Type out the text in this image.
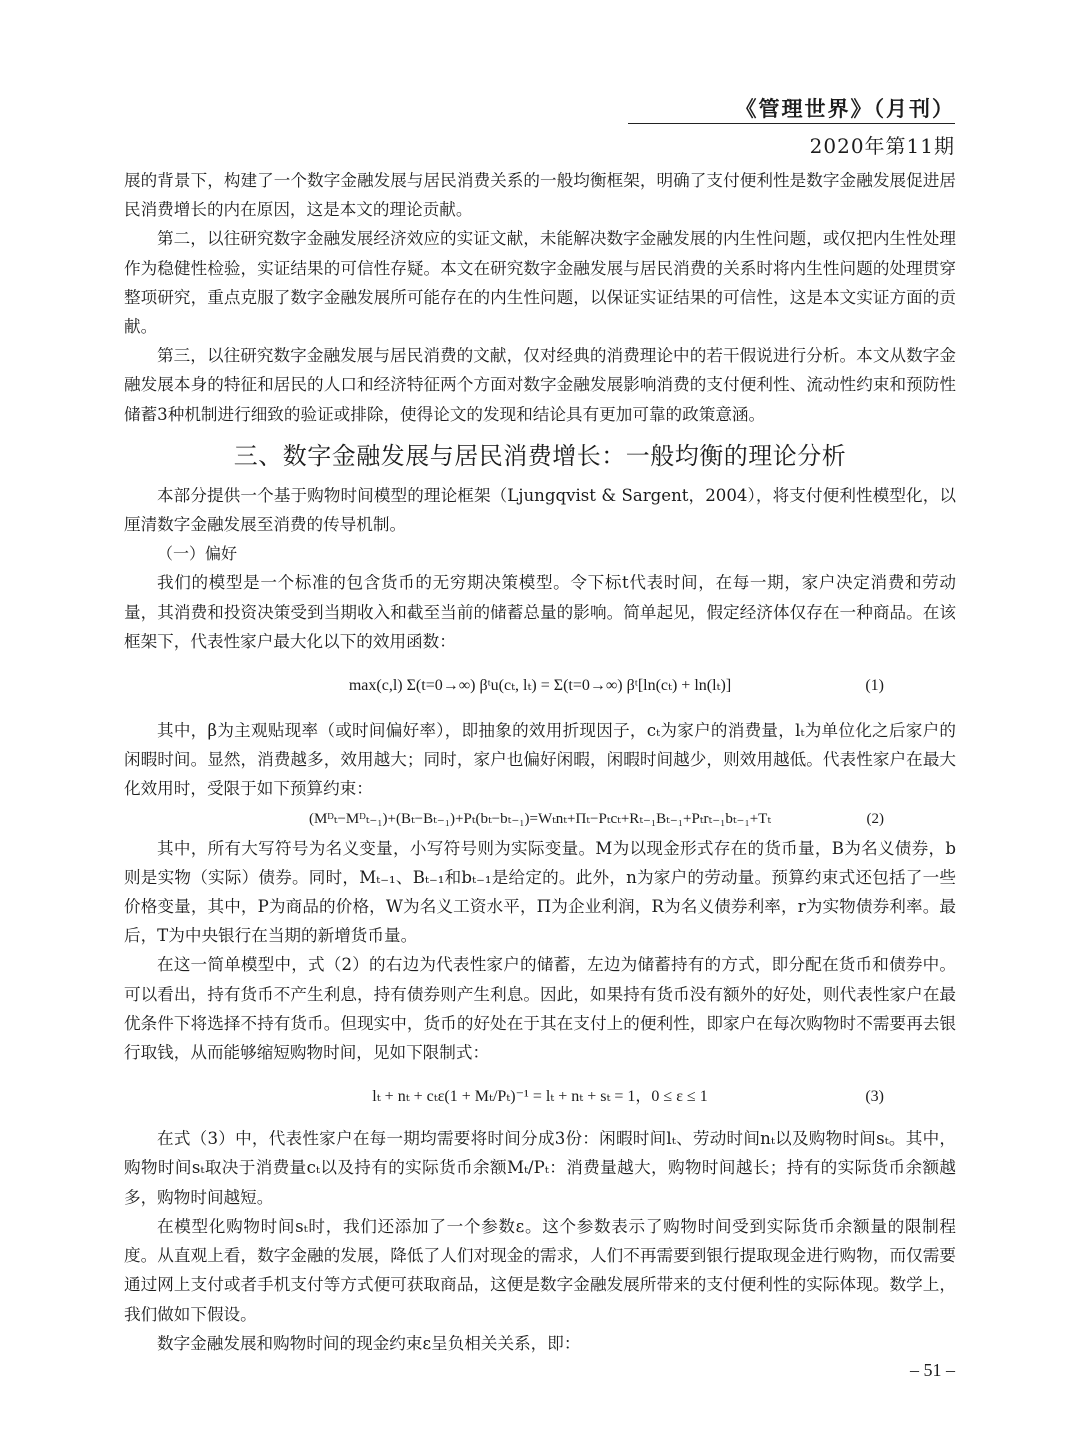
《管理世界》（月刊）
2020年第11期

展的背景下，构建了一个数字金融发展与居民消费关系的一般均衡框架，明确了支付便利性是数字金融发展促进居民消费增长的内在原因，这是本文的理论贡献。

第二，以往研究数字金融发展经济效应的实证文献，未能解决数字金融发展的内生性问题，或仅把内生性处理作为稳健性检验，实证结果的可信性存疑。本文在研究数字金融发展与居民消费的关系时将内生性问题的处理贯穿整项研究，重点克服了数字金融发展所可能存在的内生性问题，以保证实证结果的可信性，这是本文实证方面的贡献。

第三，以往研究数字金融发展与居民消费的文献，仅对经典的消费理论中的若干假说进行分析。本文从数字金融发展本身的特征和居民的人口和经济特征两个方面对数字金融发展影响消费的支付便利性、流动性约束和预防性储蓄3种机制进行细致的验证或排除，使得论文的发现和结论具有更加可靠的政策意涵。

三、数字金融发展与居民消费增长：一般均衡的理论分析

本部分提供一个基于购物时间模型的理论框架（Ljungqvist & Sargent，2004），将支付便利性模型化，以厘清数字金融发展至消费的传导机制。

（一）偏好

我们的模型是一个标准的包含货币的无穷期决策模型。令下标t代表时间，在每一期，家户决定消费和劳动量，其消费和投资决策受到当期收入和截至当前的储蓄总量的影响。简单起见，假定经济体仅存在一种商品。在该框架下，代表性家户最大化以下的效用函数：

max(c,l) Σ(t=0→∞) βᵗu(cₜ, lₜ) = Σ(t=0→∞) βᵗ[ln(cₜ) + ln(lₜ)]	(1)

其中，β为主观贴现率（或时间偏好率），即抽象的效用折现因子，cₜ为家户的消费量，lₜ为单位化之后家户的闲暇时间。显然，消费越多，效用越大；同时，家户也偏好闲暇，闲暇时间越少，则效用越低。代表性家户在最大化效用时，受限于如下预算约束：

(Mᴰₜ−Mᴰₜ₋₁)+(Bₜ−Bₜ₋₁)+Pₜ(bₜ−bₜ₋₁)=Wₜnₜ+Πₜ−Pₜcₜ+Rₜ₋₁Bₜ₋₁+Pₜrₜ₋₁bₜ₋₁+Tₜ	(2)

其中，所有大写符号为名义变量，小写符号则为实际变量。M为以现金形式存在的货币量，B为名义债券，b则是实物（实际）债券。同时，Mₜ₋₁、Bₜ₋₁和bₜ₋₁是给定的。此外，n为家户的劳动量。预算约束式还包括了一些价格变量，其中，P为商品的价格，W为名义工资水平，Π为企业利润，R为名义债券利率，r为实物债券利率。最后，T为中央银行在当期的新增货币量。

在这一简单模型中，式（2）的右边为代表性家户的储蓄，左边为储蓄持有的方式，即分配在货币和债券中。可以看出，持有货币不产生利息，持有债券则产生利息。因此，如果持有货币没有额外的好处，则代表性家户在最优条件下将选择不持有货币。但现实中，货币的好处在于其在支付上的便利性，即家户在每次购物时不需要再去银行取钱，从而能够缩短购物时间，见如下限制式：

lₜ + nₜ + cₜε(1 + Mₜ/Pₜ)⁻¹ = lₜ + nₜ + sₜ = 1，0 ≤ ε ≤ 1	(3)

在式（3）中，代表性家户在每一期均需要将时间分成3份：闲暇时间lₜ、劳动时间nₜ以及购物时间sₜ。其中，购物时间sₜ取决于消费量cₜ以及持有的实际货币余额Mₜ/Pₜ：消费量越大，购物时间越长；持有的实际货币余额越多，购物时间越短。

在模型化购物时间sₜ时，我们还添加了一个参数ε。这个参数表示了购物时间受到实际货币余额量的限制程度。从直观上看，数字金融的发展，降低了人们对现金的需求，人们不再需要到银行提取现金进行购物，而仅需要通过网上支付或者手机支付等方式便可获取商品，这便是数字金融发展所带来的支付便利性的实际体现。数学上，我们做如下假设。

数字金融发展和购物时间的现金约束ε呈负相关关系，即：

– 51 –
